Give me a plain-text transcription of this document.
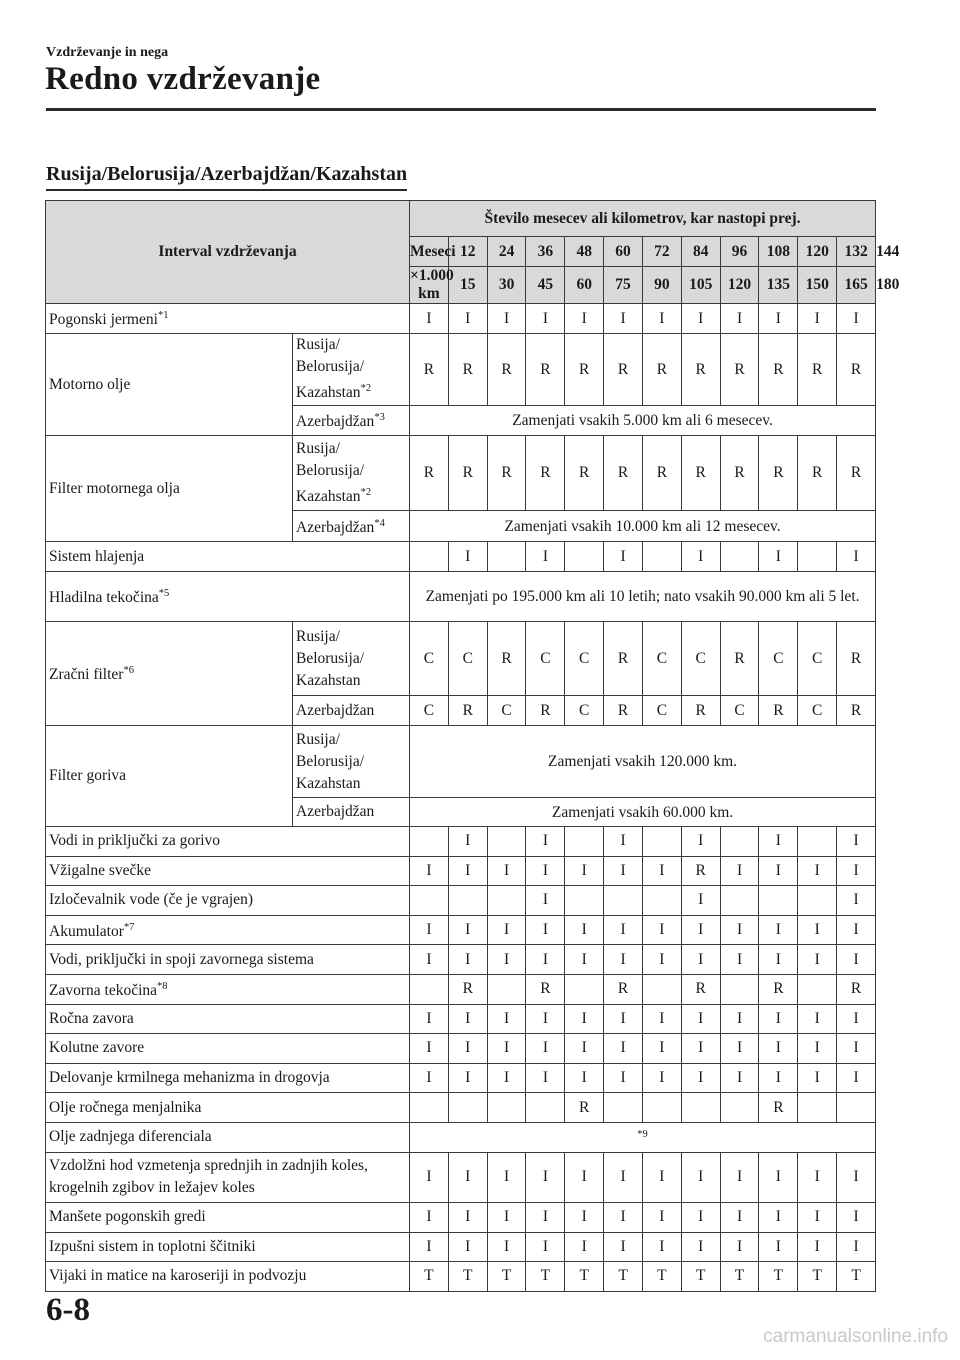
Vzdrževanje in nega
Redno vzdrževanje
Rusija/Belorusija/Azerbajdžan/Kazahstan
Interval vzdrževanja		Število mesecev ali kilometrov, kar nastopi prej.												
		Meseci	12	24	36	48	60	72	84	96	108	120	132	144
		×1.000 km	15	30	45	60	75	90	105	120	135	150	165	180
Pogonski jermeni$^{*1}$		I	I	I	I	I	I	I	I	I	I	I	I	
Motorno olje	Rusija/ Belorusija/ Kazahstan$^{*2}$	R	R	R	R	R	R	R	R	R	R	R	R	
	Azerbajdžan$^{*3}$	Zamenjati vsakih 5.000 km ali 6 mesecev.												
Filter motornega olja	Rusija/ Belorusija/ Kazahstan$^{*2}$	R	R	R	R	R	R	R	R	R	R	R	R	
	Azerbajdžan$^{*4}$	Zamenjati vsakih 10.000 km ali 12 mesecev.												
Sistem hlajenja			I		I		I		I		I		I	
Hladilna tekočina$^{*5}$		Zamenjati po 195.000 km ali 10 letih; nato vsakih 90.000 km ali 5 let.												
Zračni filter$^{*6}$	Rusija/ Belorusija/ Kazahstan	C	C	R	C	C	R	C	C	R	C	C	R	
	Azerbajdžan	C	R	C	R	C	R	C	R	C	R	C	R	
Filter goriva	Rusija/ Belorusija/ Kazahstan	Zamenjati vsakih 120.000 km.												
	Azerbajdžan	Zamenjati vsakih 60.000 km.												
Vodi in priključki za gorivo			I		I		I		I		I		I	
Vžigalne svečke		I	I	I	I	I	I	I	R	I	I	I	I	
Izločevalnik vode (če je vgrajen)					I				I				I	
Akumulator$^{*7}$		I	I	I	I	I	I	I	I	I	I	I	I	
Vodi, priključki in spoji zavornega sistema		I	I	I	I	I	I	I	I	I	I	I	I	
Zavorna tekočina$^{*8}$			R		R		R		R		R		R	
Ročna zavora		I	I	I	I	I	I	I	I	I	I	I	I	
Kolutne zavore		I	I	I	I	I	I	I	I	I	I	I	I	
Delovanje krmilnega mehanizma in drogovja		I	I	I	I	I	I	I	I	I	I	I	I	
Olje ročnega menjalnika						R					R			
Olje zadnjega diferenciala		$^{*9}$
Vzdolžni hod vzmetenja sprednjih in zadnjih koles, krogelnih zgibov in ležajev koles		I	I	I	I	I	I	I	I	I	I	I	I	
Manšete pogonskih gredi		I	I	I	I	I	I	I	I	I	I	I	I	
Izpušni sistem in toplotni ščitniki		I	I	I	I	I	I	I	I	I	I	I	I	
Vijaki in matice na karoseriji in podvozju		T	T	T	T	T	T	T	T	T	T	T	T	
6-8
carmanualsonline.info
